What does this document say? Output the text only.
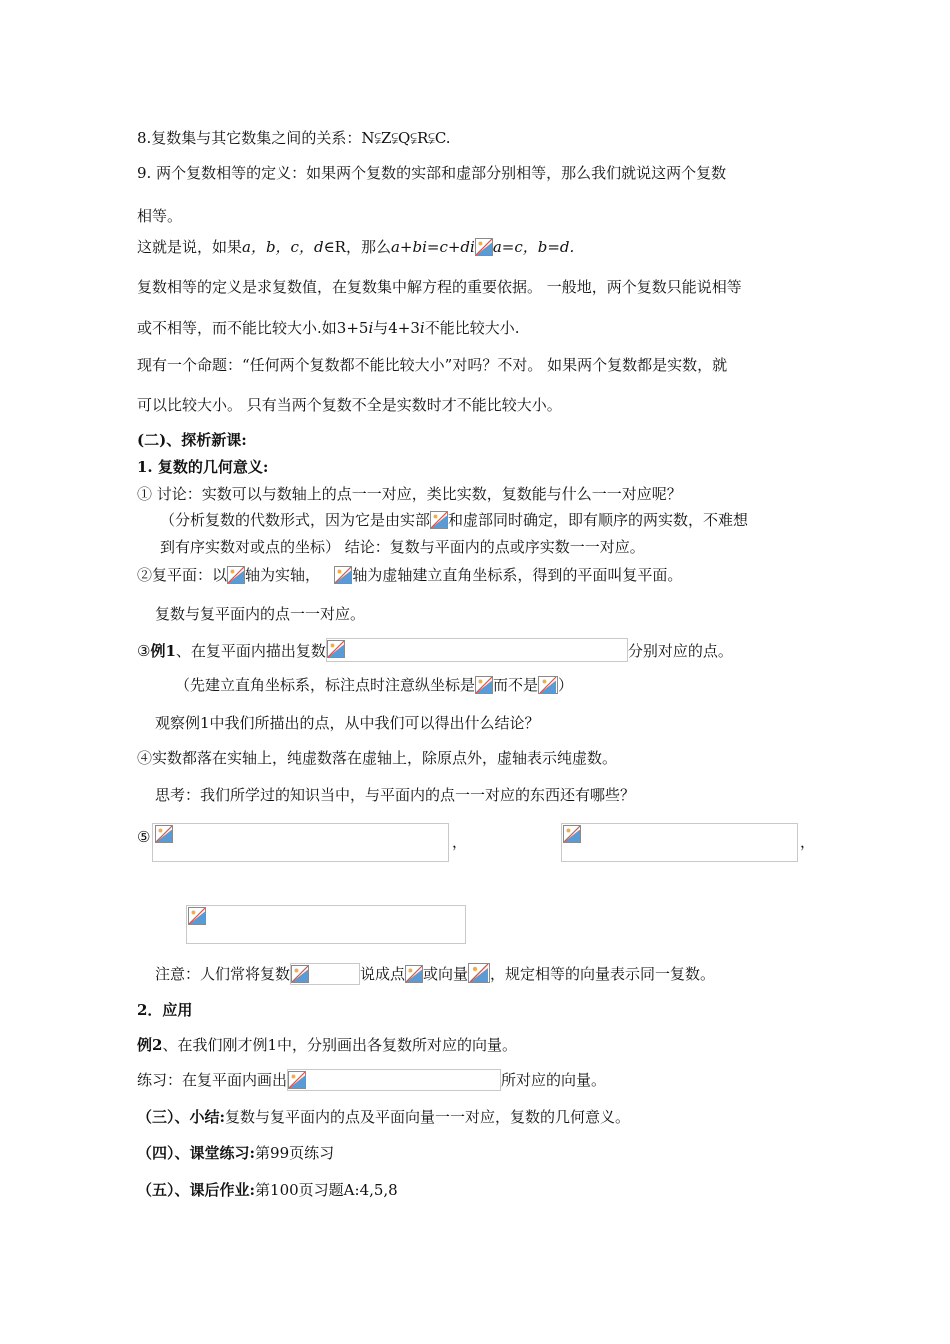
8.复数集与其它数集之间的关系：N⫋Z⫋Q⫋R⫋C.
9. 两个复数相等的定义：如果两个复数的实部和虚部分别相等，那么我们就说这两个复数
相等。
这就是说，如果a，b，c，d∈R，那么a+bi=c+di a=c，b=d.
复数相等的定义是求复数值，在复数集中解方程的重要依据。 一般地，两个复数只能说相等
或不相等，而不能比较大小.如3+5i与4+3i不能比较大小.
现有一个命题：“任何两个复数都不能比较大小”对吗？不对。 如果两个复数都是实数，就
可以比较大小。 只有当两个复数不全是实数时才不能比较大小。
(二)、探析新课:
1. 复数的几何意义:
① 讨论：实数可以与数轴上的点一一对应，类比实数，复数能与什么一一对应呢？
（分析复数的代数形式，因为它是由实部 和虚部同时确定，即有顺序的两实数，不难想
到有序实数对或点的坐标） 结论：复数与平面内的点或序实数一一对应。
②复平面：以 轴为实轴， 轴为虚轴建立直角坐标系，得到的平面叫复平面。
复数与复平面内的点一一对应。
③例1、在复平面内描出复数	分别对应的点。
（先建立直角坐标系，标注点时注意纵坐标是 而不是 ）
观察例1中我们所描出的点，从中我们可以得出什么结论？
④实数都落在实轴上，纯虚数落在虚轴上，除原点外，虚轴表示纯虚数。
思考：我们所学过的知识当中，与平面内的点一一对应的东西还有哪些？
⑤	，	，
注意：人们常将复数	说成点 或向量 ，规定相等的向量表示同一复数。
2．应用
例2、在我们刚才例1中，分别画出各复数所对应的向量。
练习：在复平面内画出	所对应的向量。
（三）、小结:复数与复平面内的点及平面向量一一对应，复数的几何意义。
（四）、课堂练习:第99页练习
（五）、课后作业:第100页习题A:4,5,8
